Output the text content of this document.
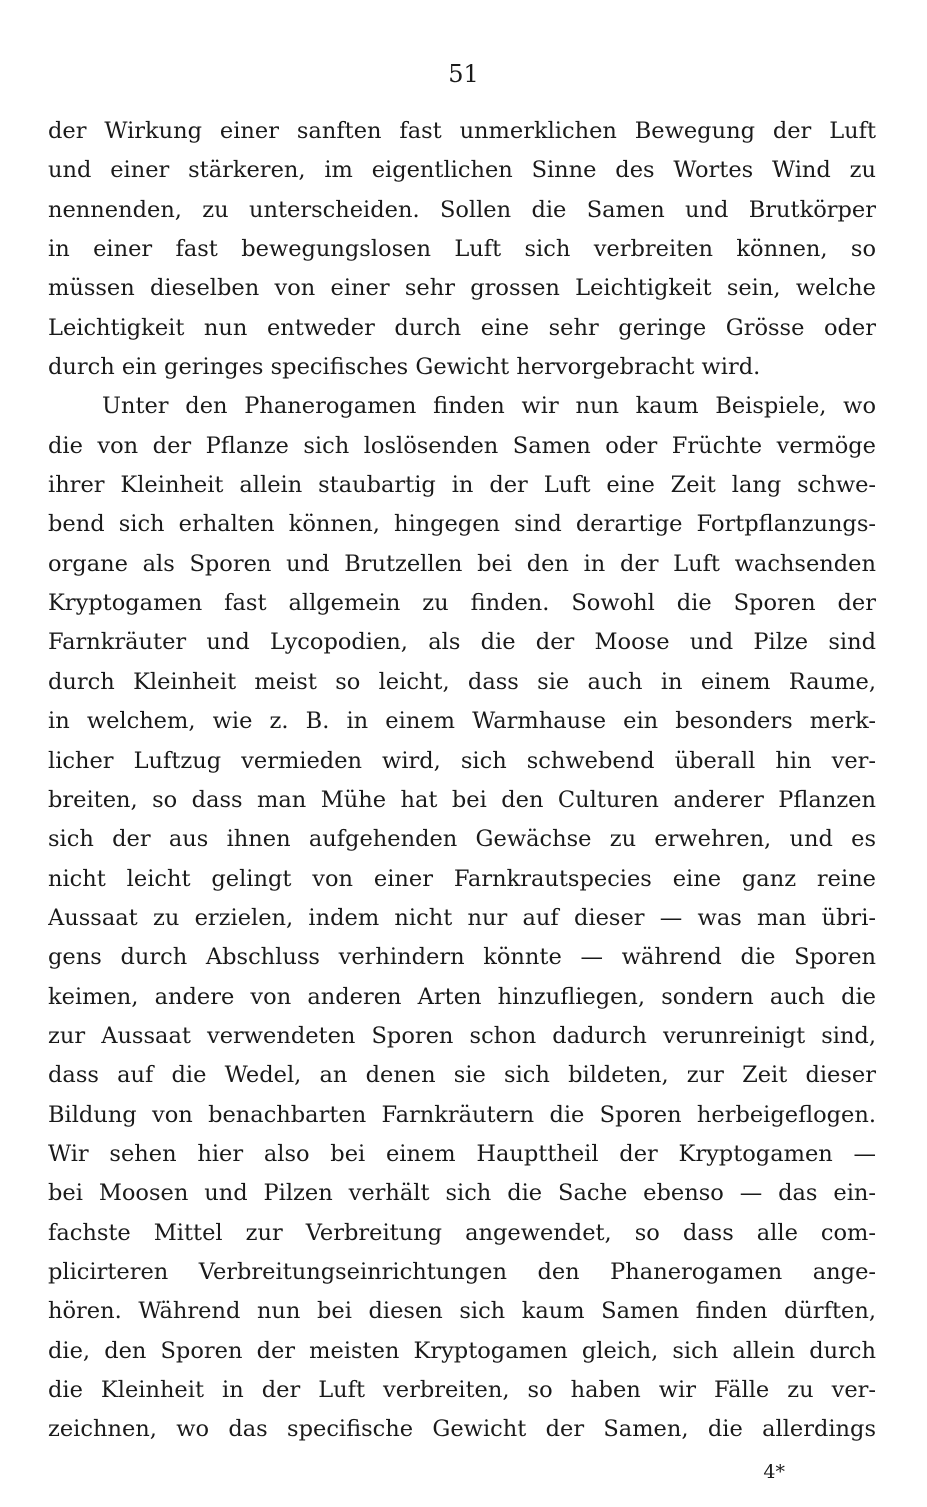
51
der Wirkung einer sanften fast unmerklichen Bewegung der Luft
und einer stärkeren, im eigentlichen Sinne des Wortes Wind zu
nennenden, zu unterscheiden. Sollen die Samen und Brutkörper
in einer fast bewegungslosen Luft sich verbreiten können, so
müssen dieselben von einer sehr grossen Leichtigkeit sein, welche
Leichtigkeit nun entweder durch eine sehr geringe Grösse oder
durch ein geringes specifisches Gewicht hervorgebracht wird.
Unter den Phanerogamen finden wir nun kaum Beispiele, wo
die von der Pflanze sich loslösenden Samen oder Früchte vermöge
ihrer Kleinheit allein staubartig in der Luft eine Zeit lang schwe-
bend sich erhalten können, hingegen sind derartige Fortpflanzungs-
organe als Sporen und Brutzellen bei den in der Luft wachsenden
Kryptogamen fast allgemein zu finden. Sowohl die Sporen der
Farnkräuter und Lycopodien, als die der Moose und Pilze sind
durch Kleinheit meist so leicht, dass sie auch in einem Raume,
in welchem, wie z. B. in einem Warmhause ein besonders merk-
licher Luftzug vermieden wird, sich schwebend überall hin ver-
breiten, so dass man Mühe hat bei den Culturen anderer Pflanzen
sich der aus ihnen aufgehenden Gewächse zu erwehren, und es
nicht leicht gelingt von einer Farnkrautspecies eine ganz reine
Aussaat zu erzielen, indem nicht nur auf dieser — was man übri-
gens durch Abschluss verhindern könnte — während die Sporen
keimen, andere von anderen Arten hinzufliegen, sondern auch die
zur Aussaat verwendeten Sporen schon dadurch verunreinigt sind,
dass auf die Wedel, an denen sie sich bildeten, zur Zeit dieser
Bildung von benachbarten Farnkräutern die Sporen herbeigeflogen.
Wir sehen hier also bei einem Haupttheil der Kryptogamen —
bei Moosen und Pilzen verhält sich die Sache ebenso — das ein-
fachste Mittel zur Verbreitung angewendet, so dass alle com-
plicirteren Verbreitungseinrichtungen den Phanerogamen ange-
hören. Während nun bei diesen sich kaum Samen finden dürften,
die, den Sporen der meisten Kryptogamen gleich, sich allein durch
die Kleinheit in der Luft verbreiten, so haben wir Fälle zu ver-
zeichnen, wo das specifische Gewicht der Samen, die allerdings
4*
